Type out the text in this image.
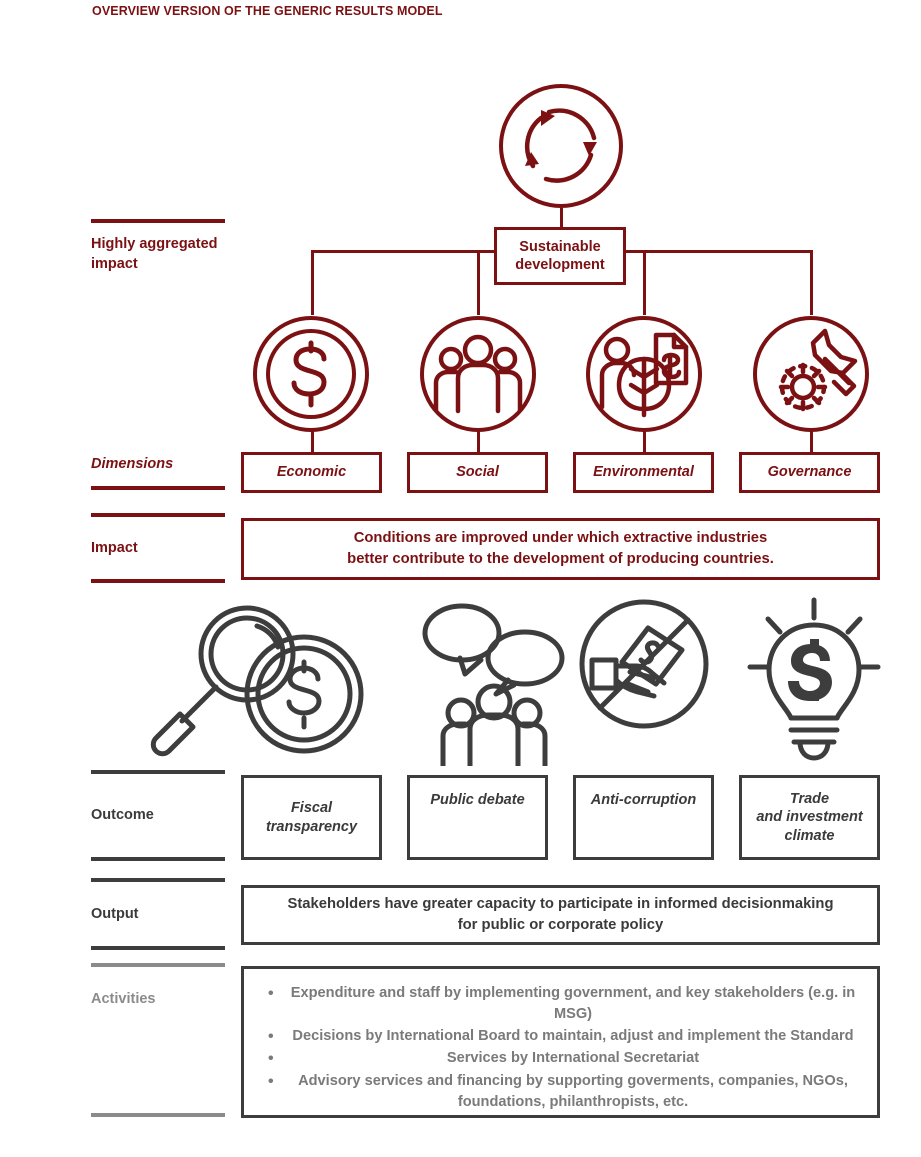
OVERVIEW VERSION OF THE GENERIC RESULTS MODEL
Highly aggregated
impact
Sustainable
development
Dimensions
Economic	Social	Environmental	Governance
Impact
Conditions are improved under which extractive industries
better contribute to the development of producing countries.
Outcome	Fiscal
transparency
Public debate	Anti-corruption	Trade
and investment
climate
Output
Stakeholders have greater capacity to participate in informed decisionmaking
for public or corporate policy
Activities	• Expenditure and staff by implementing government, and key stakeholders (e.g. in MSG)
• Decisions by International Board to maintain, adjust and implement the Standard
• Services by International Secretariat
• Advisory services and financing by supporting goverments, companies, NGOs, foundations, philanthropists, etc.
